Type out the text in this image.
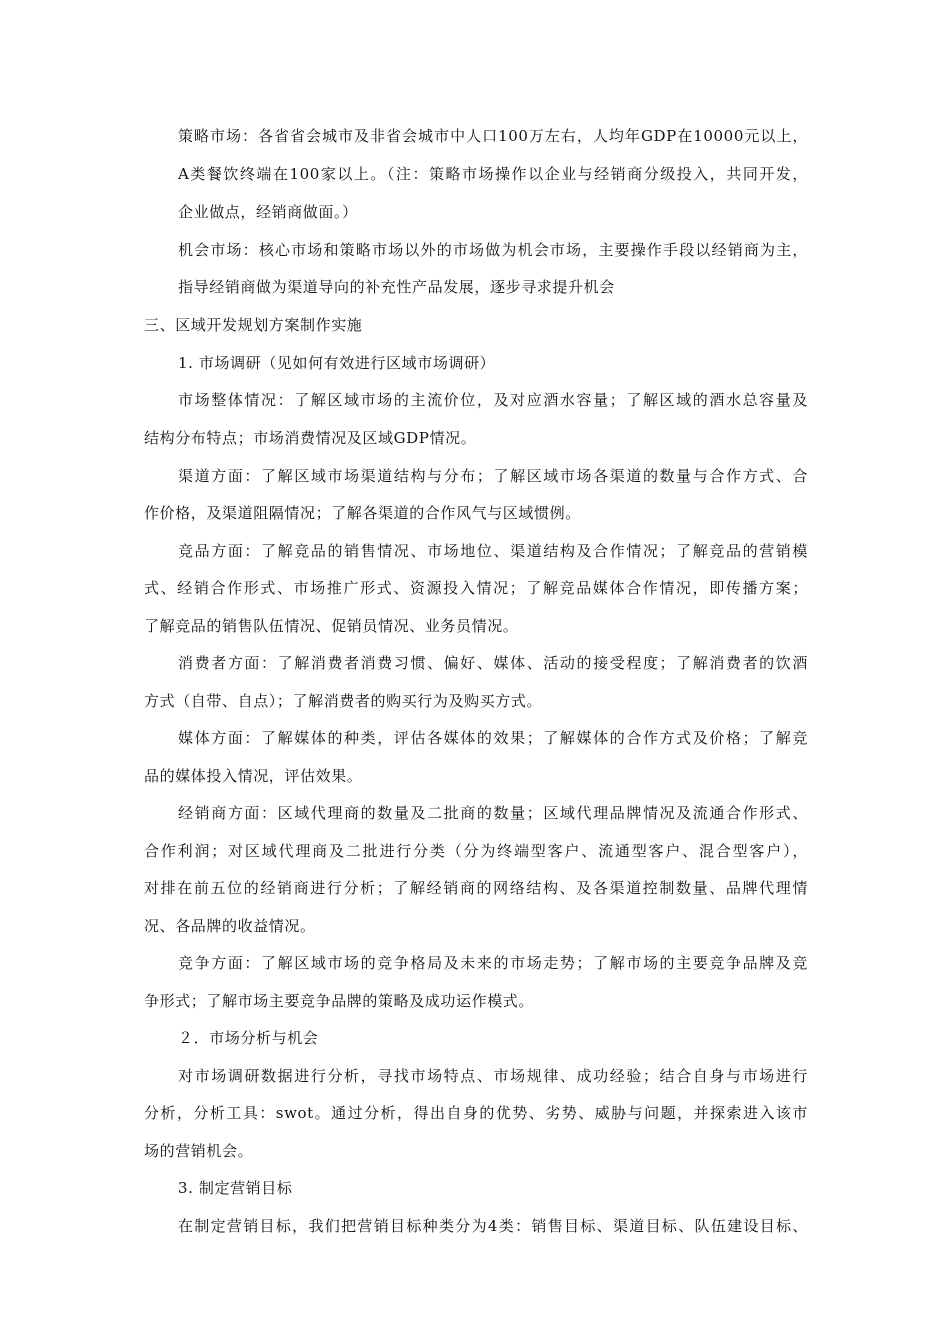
策略市场：各省省会城市及非省会城市中人口100万左右，人均年GDP在10000元以上，
A类餐饮终端在100家以上。（注：策略市场操作以企业与经销商分级投入，共同开发，
企业做点，经销商做面。）
机会市场：核心市场和策略市场以外的市场做为机会市场，主要操作手段以经销商为主，
指导经销商做为渠道导向的补充性产品发展，逐步寻求提升机会
三、区域开发规划方案制作实施
1. 市场调研（见如何有效进行区域市场调研）
市场整体情况：了解区域市场的主流价位，及对应酒水容量；了解区域的酒水总容量及
结构分布特点；市场消费情况及区域GDP情况。
渠道方面：了解区域市场渠道结构与分布；了解区域市场各渠道的数量与合作方式、合
作价格，及渠道阻隔情况；了解各渠道的合作风气与区域惯例。
竞品方面：了解竞品的销售情况、市场地位、渠道结构及合作情况；了解竞品的营销模
式、经销合作形式、市场推广形式、资源投入情况；了解竞品媒体合作情况，即传播方案；
了解竞品的销售队伍情况、促销员情况、业务员情况。
消费者方面：了解消费者消费习惯、偏好、媒体、活动的接受程度；了解消费者的饮酒
方式（自带、自点）；了解消费者的购买行为及购买方式。
媒体方面：了解媒体的种类，评估各媒体的效果；了解媒体的合作方式及价格；了解竞
品的媒体投入情况，评估效果。
经销商方面：区域代理商的数量及二批商的数量；区域代理品牌情况及流通合作形式、
合作利润；对区域代理商及二批进行分类（分为终端型客户、流通型客户、混合型客户），
对排在前五位的经销商进行分析；了解经销商的网络结构、及各渠道控制数量、品牌代理情
况、各品牌的收益情况。
竞争方面：了解区域市场的竞争格局及未来的市场走势；了解市场的主要竞争品牌及竞
争形式；了解市场主要竞争品牌的策略及成功运作模式。
２．市场分析与机会
对市场调研数据进行分析，寻找市场特点、市场规律、成功经验；结合自身与市场进行
分析，分析工具：swot。通过分析，得出自身的优势、劣势、威胁与问题，并探索进入该市
场的营销机会。
3. 制定营销目标
在制定营销目标，我们把营销目标种类分为4类：销售目标、渠道目标、队伍建设目标、
